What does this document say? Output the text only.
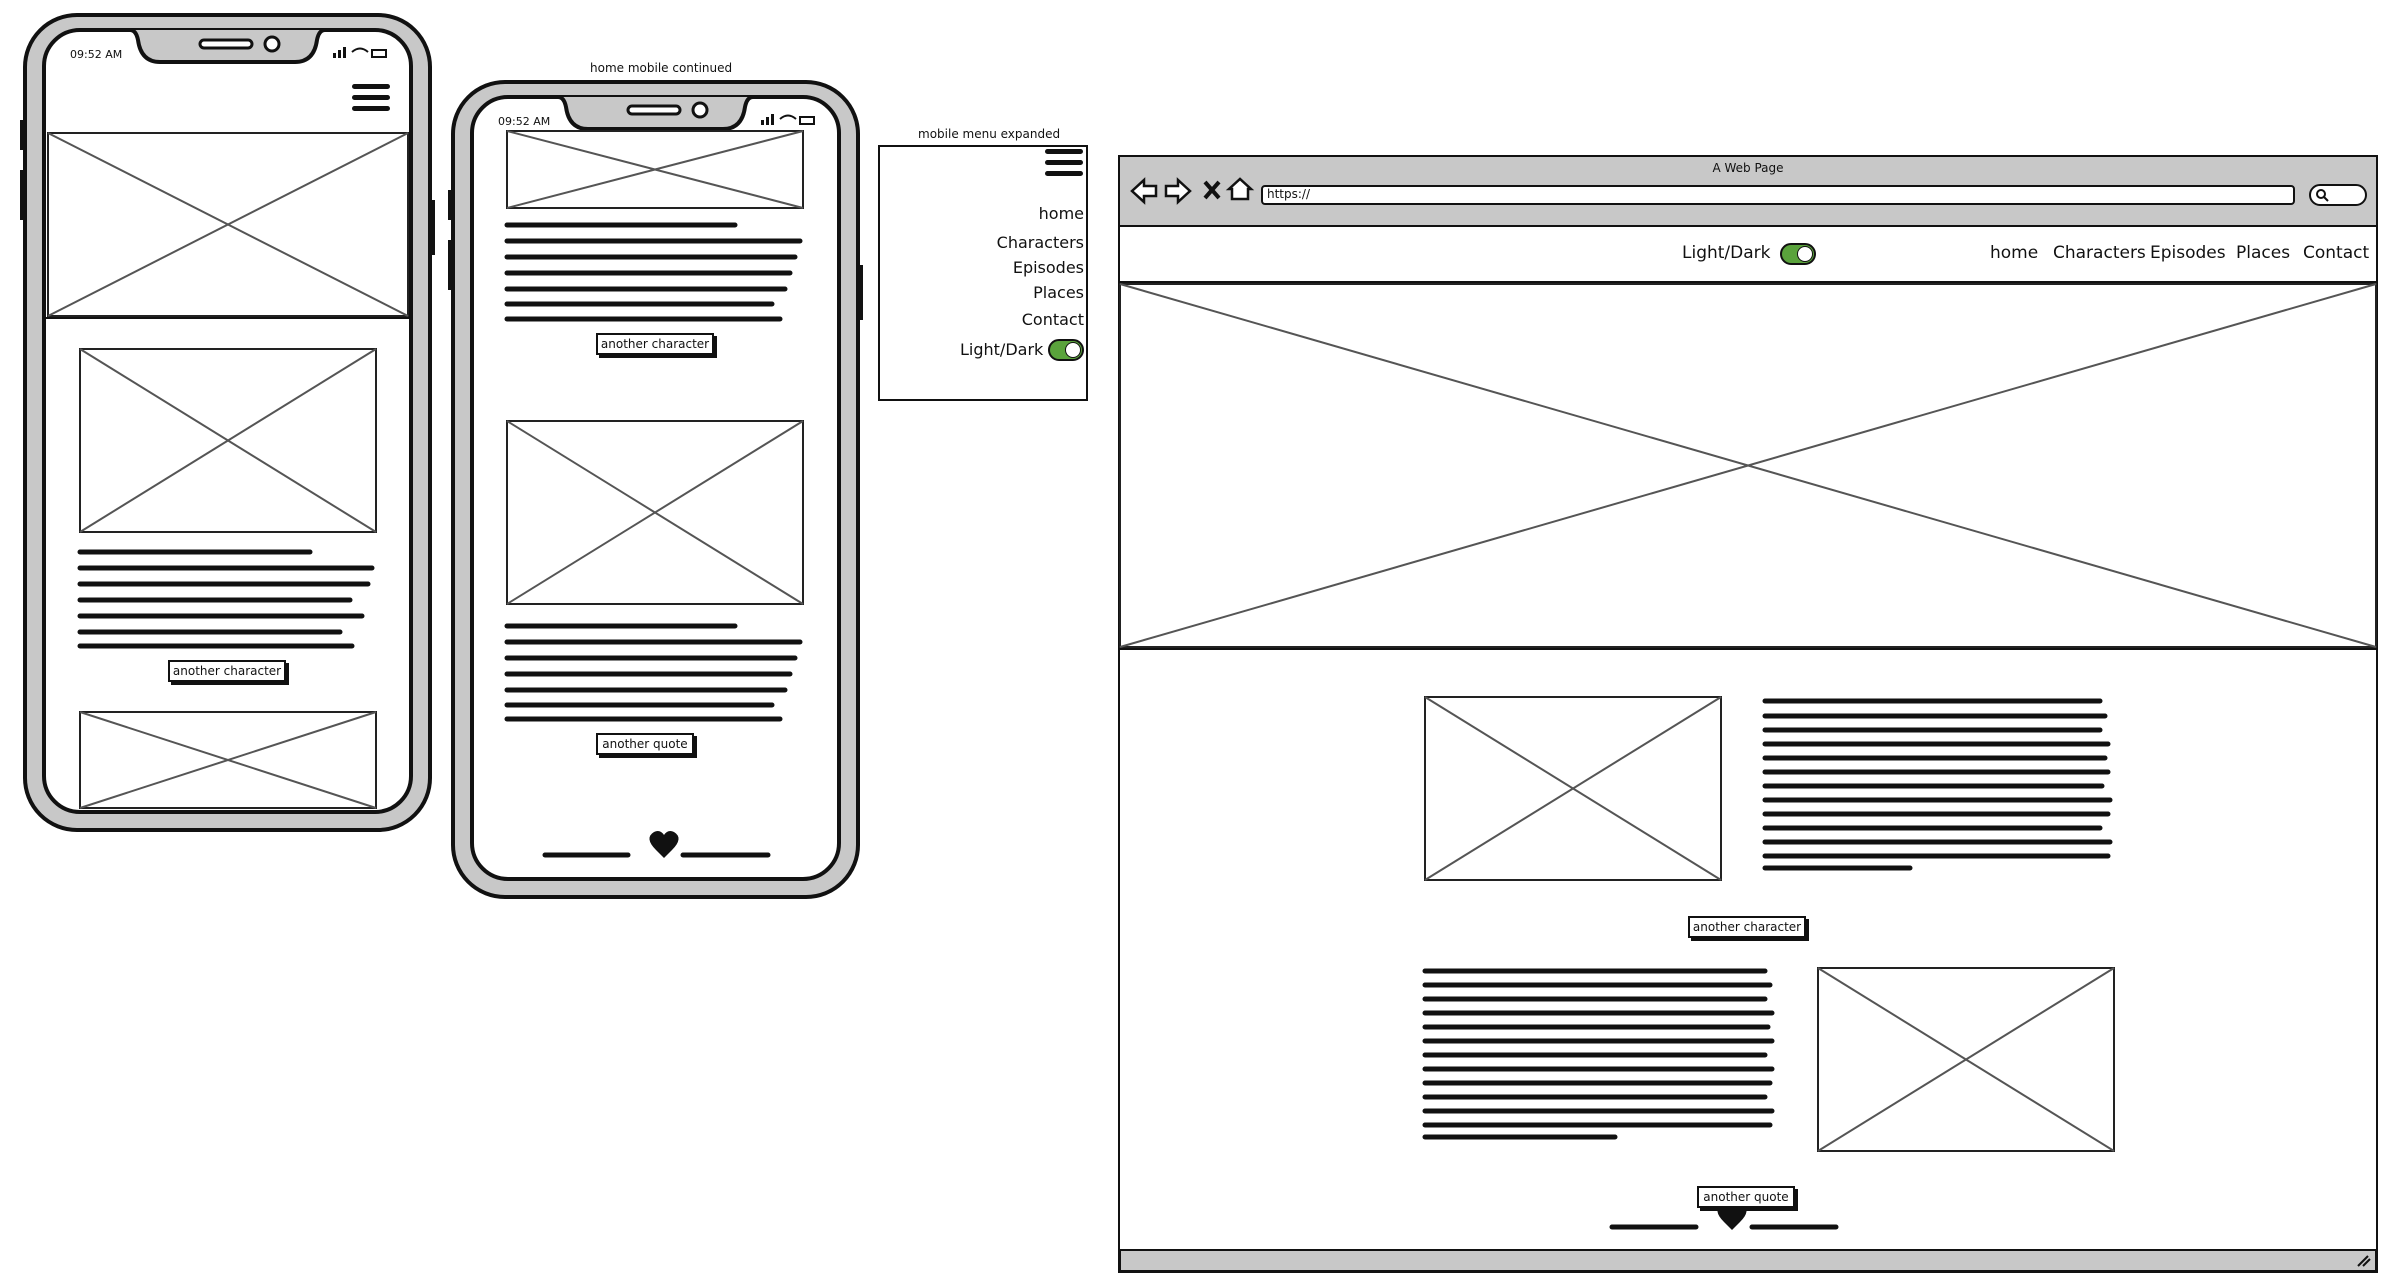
09:52 AM
another character
home mobile continued
09:52 AM
another character
another quote
mobile menu expanded
home
Characters
Episodes
Places
Contact
Light/Dark
A Web Page
https://
Light/Dark	home Characters Episodes Places Contact
another character
another quote
